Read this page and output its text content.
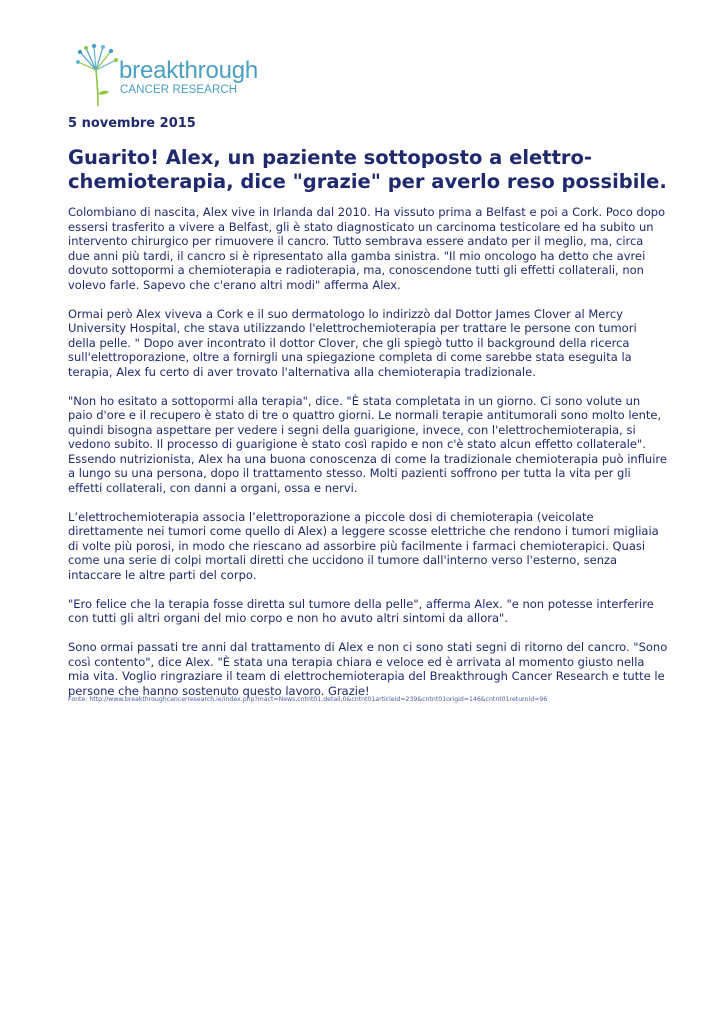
breakthrough
CANCER RESEARCH
5 novembre 2015
Guarito! Alex, un paziente sottoposto a elettro-chemioterapia, dice "grazie" per averlo reso possibile.

Colombiano di nascita, Alex vive in Irlanda dal 2010. Ha vissuto prima a Belfast e poi a Cork. Poco dopo essersi trasferito a vivere a Belfast, gli è stato diagnosticato un carcinoma testicolare ed ha subito un intervento chirurgico per rimuovere il cancro. Tutto sembrava essere andato per il meglio, ma, circa due anni più tardi, il cancro si è ripresentato alla gamba sinistra. "Il mio oncologo ha detto che avrei dovuto sottopormi a chemioterapia e radioterapia, ma, conoscendone tutti gli effetti collaterali, non volevo farle. Sapevo che c'erano altri modi" afferma Alex.

Ormai però Alex viveva a Cork e il suo dermatologo lo indirizzò dal Dottor James Clover al Mercy University Hospital, che stava utilizzando l'elettrochemioterapia per trattare le persone con tumori della pelle. " Dopo aver incontrato il dottor Clover, che gli spiegò tutto il background della ricerca sull'elettroporazione, oltre a fornirgli una spiegazione completa di come sarebbe stata eseguita la terapia, Alex fu certo di aver trovato l'alternativa alla chemioterapia tradizionale.

"Non ho esitato a sottopormi alla terapia", dice. "È stata completata in un giorno. Ci sono volute un paio d'ore e il recupero è stato di tre o quattro giorni. Le normali terapie antitumorali sono molto lente, quindi bisogna aspettare per vedere i segni della guarigione, invece, con l'elettrochemioterapia, si vedono subito. Il processo di guarigione è stato così rapido e non c'è stato alcun effetto collaterale".
Essendo nutrizionista, Alex ha una buona conoscenza di come la tradizionale chemioterapia può influire a lungo su una persona, dopo il trattamento stesso. Molti pazienti soffrono per tutta la vita per gli effetti collaterali, con danni a organi, ossa e nervi.

L’elettrochemioterapia associa l’elettroporazione a piccole dosi di chemioterapia (veicolate direttamente nei tumori come quello di Alex) a leggere scosse elettriche che rendono i tumori migliaia di volte più porosi, in modo che riescano ad assorbire più facilmente i farmaci chemioterapici. Quasi come una serie di colpi mortali diretti che uccidono il tumore dall'interno verso l'esterno, senza intaccare le altre parti del corpo.

"Ero felice che la terapia fosse diretta sul tumore della pelle", afferma Alex. "e non potesse interferire con tutti gli altri organi del mio corpo e non ho avuto altri sintomi da allora".

Sono ormai passati tre anni dal trattamento di Alex e non ci sono stati segni di ritorno del cancro. "Sono così contento", dice Alex. "È stata una terapia chiara e veloce ed è arrivata al momento giusto nella mia vita. Voglio ringraziare il team di elettrochemioterapia del Breakthrough Cancer Research e tutte le persone che hanno sostenuto questo lavoro. Grazie!

Fonte: http://www.breakthroughcancerresearch.ie/index.php?mact=News,cntnt01,detail,0&cntnt01articleid=239&cntnt01origid=146&cntnt01returnid=96
